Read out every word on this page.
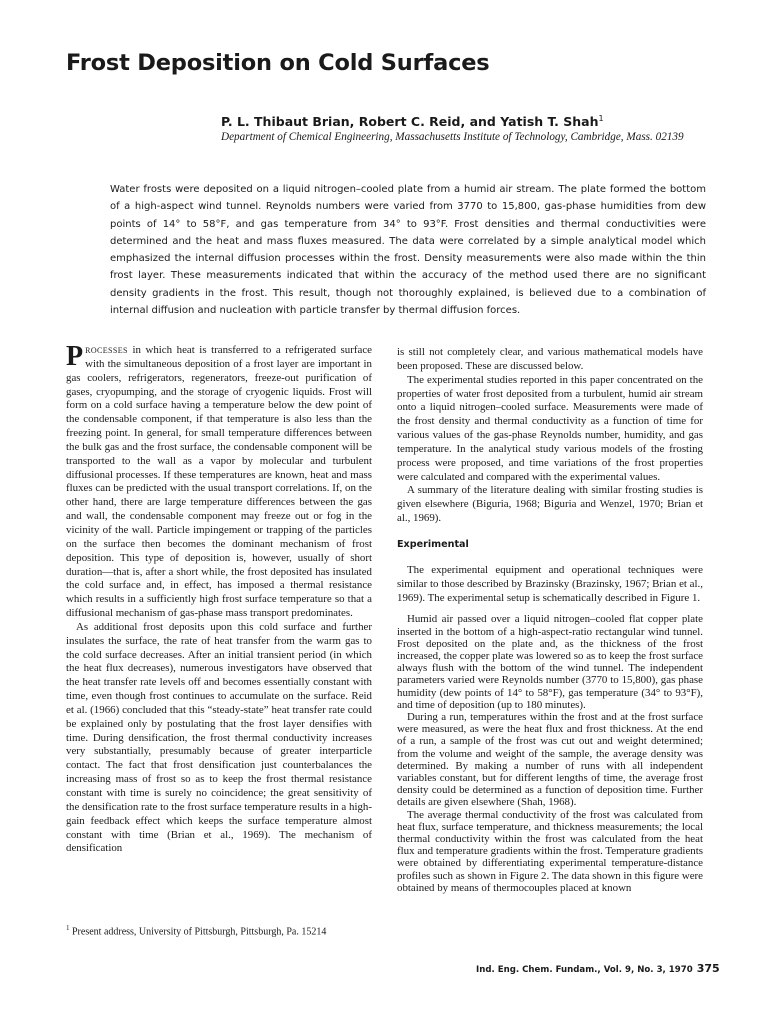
Frost Deposition on Cold Surfaces

P. L. Thibaut Brian, Robert C. Reid, and Yatish T. Shah$^1$

Department of Chemical Engineering, Massachusetts Institute of Technology, Cambridge, Mass. 02139

Water frosts were deposited on a liquid nitrogen–cooled plate from a humid air stream. The plate formed the bottom of a high-aspect wind tunnel. Reynolds numbers were varied from 3770 to 15,800, gas-phase humidities from dew points of 14° to 58°F, and gas temperature from 34° to 93°F. Frost densities and thermal conductivities were determined and the heat and mass fluxes measured. The data were correlated by a simple analytical model which emphasized the internal diffusion processes within the frost. Density measurements were also made within the thin frost layer. These measurements indicated that within the accuracy of the method used there are no significant density gradients in the frost. This result, though not thoroughly explained, is believed due to a combination of internal diffusion and nucleation with particle transfer by thermal diffusion forces.

Processes in which heat is transferred to a refrigerated surface with the simultaneous deposition of a frost layer are important in gas coolers, refrigerators, regenerators, freeze-out purification of gases, cryopumping, and the storage of cryogenic liquids. Frost will form on a cold surface having a temperature below the dew point of the condensable component, if that temperature is also less than the freezing point. In general, for small temperature differences between the bulk gas and the frost surface, the condensable component will be transported to the wall as a vapor by molecular and turbulent diffusional processes. If these temperatures are known, heat and mass fluxes can be predicted with the usual transport correlations. If, on the other hand, there are large temperature differences between the gas and wall, the condensable component may freeze out or fog in the vicinity of the wall. Particle impingement or trapping of the particles on the surface then becomes the dominant mechanism of frost deposition. This type of deposition is, however, usually of short duration—that is, after a short while, the frost deposited has insulated the cold surface and, in effect, has imposed a thermal resistance which results in a sufficiently high frost surface temperature so that a diffusional mechanism of gas-phase mass transport predominates.

As additional frost deposits upon this cold surface and further insulates the surface, the rate of heat transfer from the warm gas to the cold surface decreases. After an initial transient period (in which the heat flux decreases), numerous investigators have observed that the heat transfer rate levels off and becomes essentially constant with time, even though frost continues to accumulate on the surface. Reid et al. (1966) concluded that this “steady-state” heat transfer rate could be explained only by postulating that the frost layer densifies with time. During densification, the frost thermal conductivity increases very substantially, presumably because of greater interparticle contact. The fact that frost densification just counterbalances the increasing mass of frost so as to keep the frost thermal resistance constant with time is surely no coincidence; the great sensitivity of the densification rate to the frost surface temperature results in a high-gain feedback effect which keeps the surface temperature almost constant with time (Brian et al., 1969). The mechanism of densification

$^1$ Present address, University of Pittsburgh, Pittsburgh, Pa. 15214

is still not completely clear, and various mathematical models have been proposed. These are discussed below.

The experimental studies reported in this paper concentrated on the properties of water frost deposited from a turbulent, humid air stream onto a liquid nitrogen–cooled surface. Measurements were made of the frost density and thermal conductivity as a function of time for various values of the gas-phase Reynolds number, humidity, and gas temperature. In the analytical study various models of the frosting process were proposed, and time variations of the frost properties were calculated and compared with the experimental values.

A summary of the literature dealing with similar frosting studies is given elsewhere (Biguria, 1968; Biguria and Wenzel, 1970; Brian et al., 1969).

Experimental

The experimental equipment and operational techniques were similar to those described by Brazinsky (Brazinsky, 1967; Brian et al., 1969). The experimental setup is schematically described in Figure 1.

Humid air passed over a liquid nitrogen–cooled flat copper plate inserted in the bottom of a high-aspect-ratio rectangular wind tunnel. Frost deposited on the plate and, as the thickness of the frost increased, the copper plate was lowered so as to keep the frost surface always flush with the bottom of the wind tunnel. The independent parameters varied were Reynolds number (3770 to 15,800), gas phase humidity (dew points of 14° to 58°F), gas temperature (34° to 93°F), and time of deposition (up to 180 minutes).

During a run, temperatures within the frost and at the frost surface were measured, as were the heat flux and frost thickness. At the end of a run, a sample of the frost was cut out and weight determined; from the volume and weight of the sample, the average density was determined. By making a number of runs with all independent variables constant, but for different lengths of time, the average frost density could be determined as a function of deposition time. Further details are given elsewhere (Shah, 1968).

The average thermal conductivity of the frost was calculated from heat flux, surface temperature, and thickness measurements; the local thermal conductivity within the frost was calculated from the heat flux and temperature gradients within the frost. Temperature gradients were obtained by differentiating experimental temperature-distance profiles such as shown in Figure 2. The data shown in this figure were obtained by means of thermocouples placed at known

Ind. Eng. Chem. Fundam., Vol. 9, No. 3, 1970 375
